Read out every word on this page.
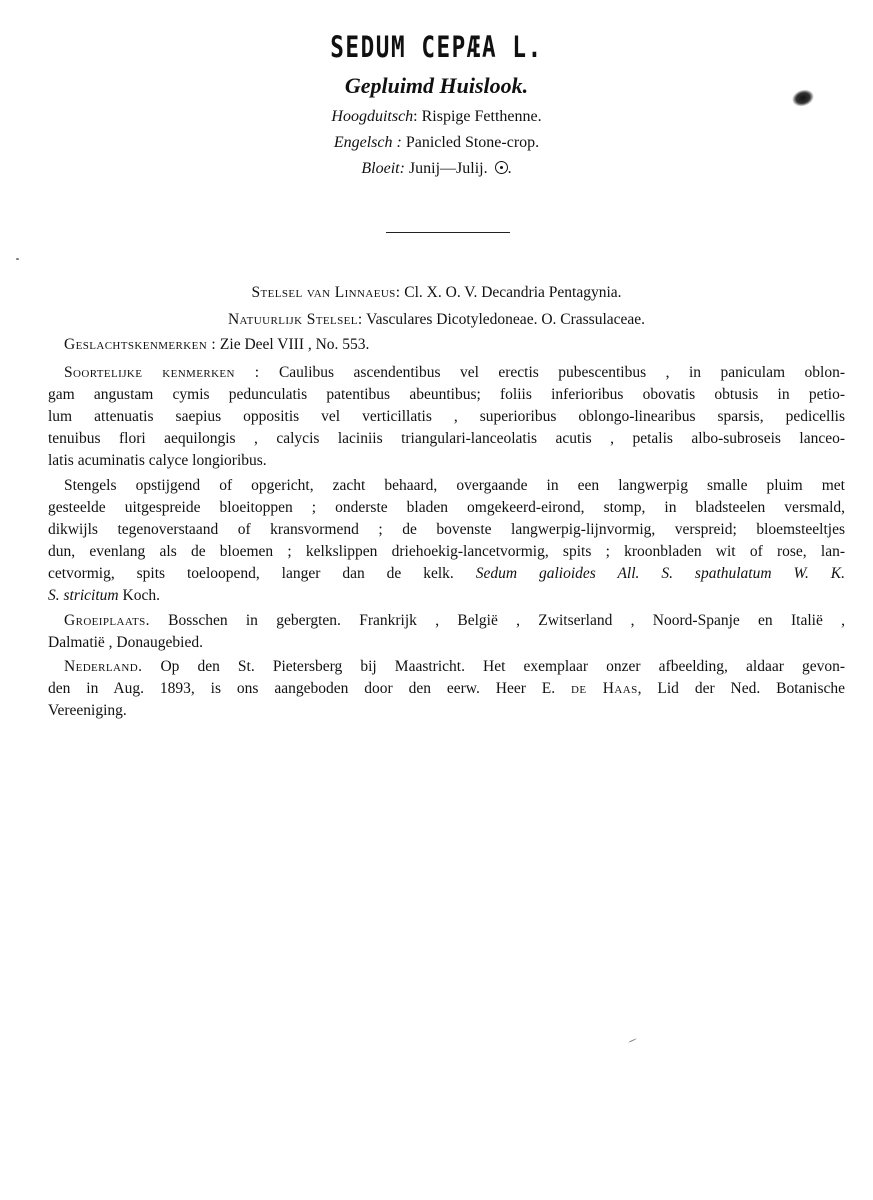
SEDUM CEPÆA L.
Gepluimd Huislook.
Hoogduitsch: Rispige Fetthenne.
Engelsch : Panicled Stone-crop.
Bloeit: Junij—Julij. .
Stelsel van Linnaeus: Cl. X. O. V. Decandria Pentagynia.
Natuurlijk Stelsel: Vasculares Dicotyledoneae. O. Crassulaceae.
Geslachtskenmerken : Zie Deel VIII , No. 553.
Soortelijke kenmerken : Caulibus ascendentibus vel erectis pubescentibus , in paniculam oblon-
gam angustam cymis pedunculatis patentibus abeuntibus; foliis inferioribus obovatis obtusis in petio-
lum attenuatis saepius oppositis vel verticillatis , superioribus oblongo-linearibus sparsis, pedicellis
tenuibus flori aequilongis , calycis laciniis triangulari-lanceolatis acutis , petalis albo-subroseis lanceo-
latis acuminatis calyce longioribus.
Stengels opstijgend of opgericht, zacht behaard, overgaande in een langwerpig smalle pluim met
gesteelde uitgespreide bloeitoppen ; onderste bladen omgekeerd-eirond, stomp, in bladsteelen versmald,
dikwijls tegenoverstaand of kransvormend ; de bovenste langwerpig-lijnvormig, verspreid; bloemsteeltjes
dun, evenlang als de bloemen ; kelkslippen driehoekig-lancetvormig, spits ; kroonbladen wit of rose, lan-
cetvormig, spits toeloopend, langer dan de kelk. Sedum galioides All. S. spathulatum W. K.
S. stricitum Koch.
Groeiplaats. Bosschen in gebergten. Frankrijk , België , Zwitserland , Noord-Spanje en Italië ,
Dalmatië , Donaugebied.
Nederland. Op den St. Pietersberg bij Maastricht. Het exemplaar onzer afbeelding, aldaar gevon-
den in Aug. 1893, is ons aangeboden door den eerw. Heer E. de Haas, Lid der Ned. Botanische
Vereeniging.
